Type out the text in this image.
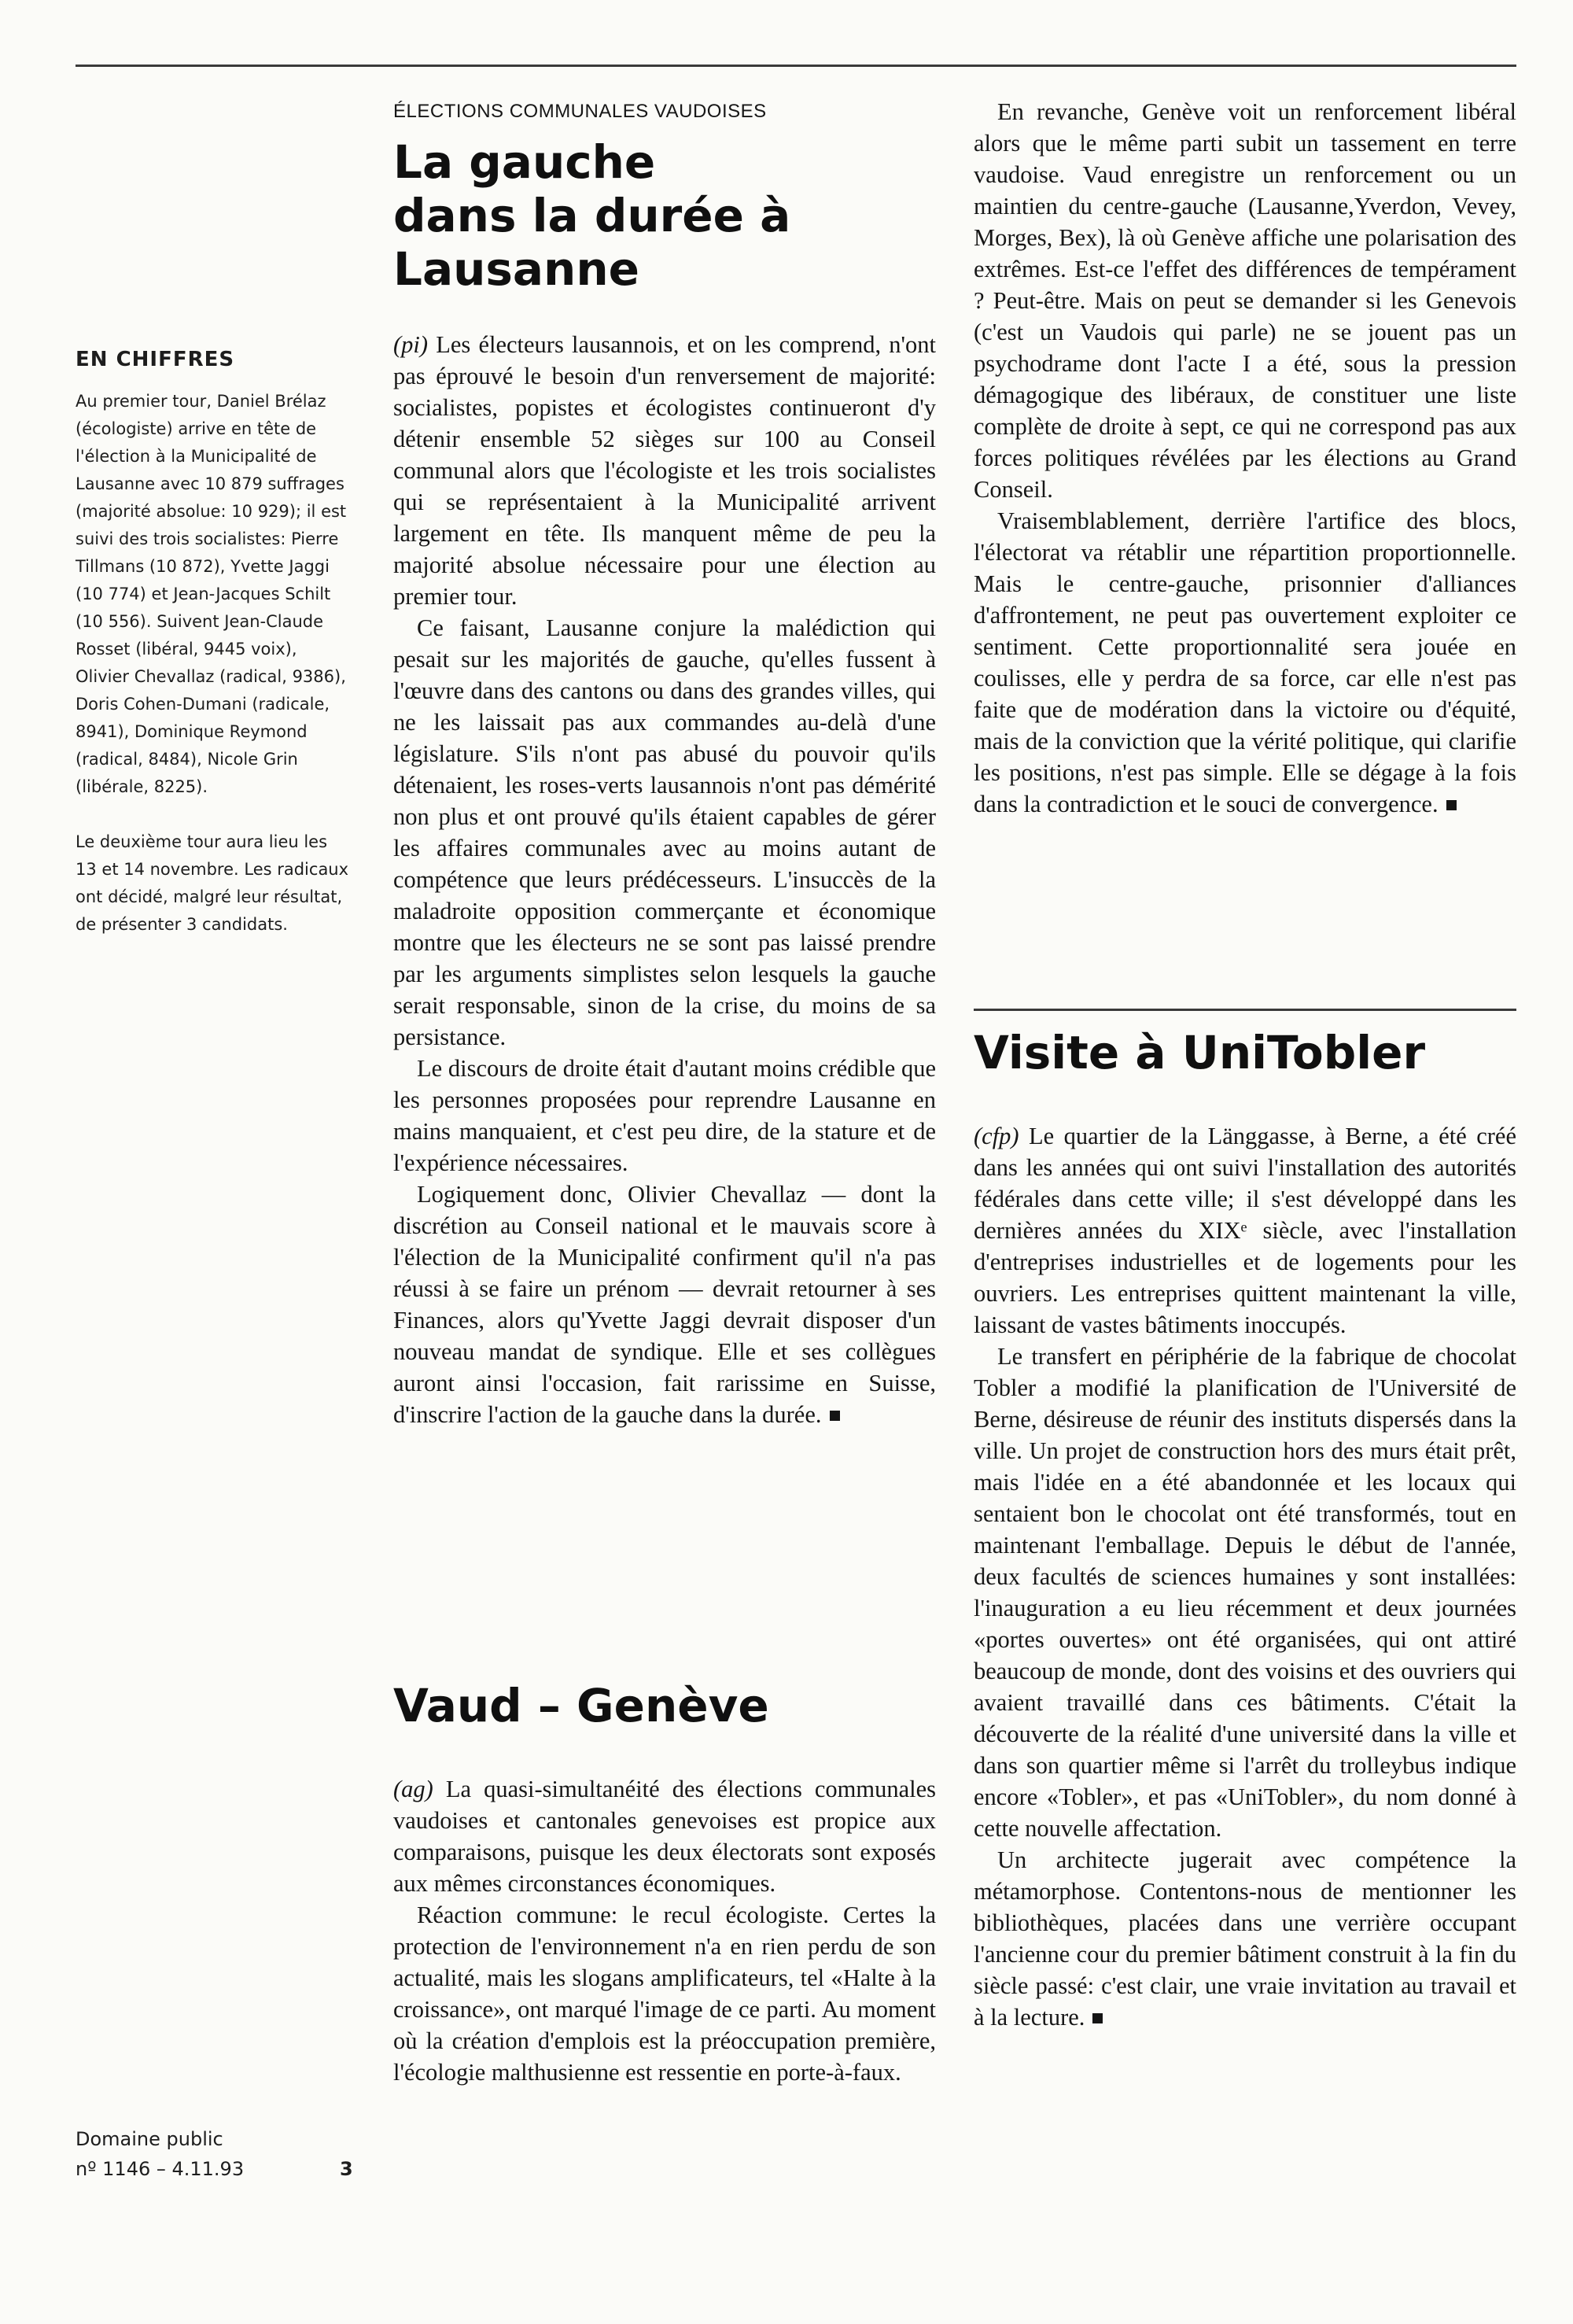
EN CHIFFRES

Au premier tour, Daniel Brélaz (écologiste) arrive en tête de l'élection à la Municipalité de Lausanne avec 10 879 suffrages (majorité absolue: 10 929); il est suivi des trois socialistes: Pierre Tillmans (10 872), Yvette Jaggi (10 774) et Jean-Jacques Schilt (10 556). Suivent Jean-Claude Rosset (libéral, 9445 voix), Olivier Chevallaz (radical, 9386), Doris Cohen-Dumani (radicale, 8941), Dominique Reymond (radical, 8484), Nicole Grin (libérale, 8225).

Le deuxième tour aura lieu les 13 et 14 novembre. Les radicaux ont décidé, malgré leur résultat, de présenter 3 candidats.

Domaine public
nº 1146 – 4.11.93	3
ÉLECTIONS COMMUNALES VAUDOISES
La gauche
dans la durée à
Lausanne

(pi) Les électeurs lausannois, et on les comprend, n'ont pas éprouvé le besoin d'un renversement de majorité: socialistes, popistes et écologistes continueront d'y détenir ensemble 52 sièges sur 100 au Conseil communal alors que l'écologiste et les trois socialistes qui se représentaient à la Municipalité arrivent largement en tête. Ils manquent même de peu la majorité absolue nécessaire pour une élection au premier tour.

Ce faisant, Lausanne conjure la malédiction qui pesait sur les majorités de gauche, qu'elles fussent à l'œuvre dans des cantons ou dans des grandes villes, qui ne les laissait pas aux commandes au-delà d'une législature. S'ils n'ont pas abusé du pouvoir qu'ils détenaient, les roses-verts lausannois n'ont pas démérité non plus et ont prouvé qu'ils étaient capables de gérer les affaires communales avec au moins autant de compétence que leurs prédécesseurs. L'insuccès de la maladroite opposition commerçante et économique montre que les électeurs ne se sont pas laissé prendre par les arguments simplistes selon lesquels la gauche serait responsable, sinon de la crise, du moins de sa persistance.

Le discours de droite était d'autant moins crédible que les personnes proposées pour reprendre Lausanne en mains manquaient, et c'est peu dire, de la stature et de l'expérience nécessaires.

Logiquement donc, Olivier Chevallaz — dont la discrétion au Conseil national et le mauvais score à l'élection de la Municipalité confirment qu'il n'a pas réussi à se faire un prénom — devrait retourner à ses Finances, alors qu'Yvette Jaggi devrait disposer d'un nouveau mandat de syndique. Elle et ses collègues auront ainsi l'occasion, fait rarissime en Suisse, d'inscrire l'action de la gauche dans la durée.

Vaud – Genève

(ag) La quasi-simultanéité des élections communales vaudoises et cantonales genevoises est propice aux comparaisons, puisque les deux électorats sont exposés aux mêmes circonstances économiques.

Réaction commune: le recul écologiste. Certes la protection de l'environnement n'a en rien perdu de son actualité, mais les slogans amplificateurs, tel «Halte à la croissance», ont marqué l'image de ce parti. Au moment où la création d'emplois est la préoccupation première, l'écologie malthusienne est ressentie en porte-à-faux.

En revanche, Genève voit un renforcement libéral alors que le même parti subit un tassement en terre vaudoise. Vaud enregistre un renforcement ou un maintien du centre-gauche (Lausanne,Yverdon, Vevey, Morges, Bex), là où Genève affiche une polarisation des extrêmes. Est-ce l'effet des différences de tempérament ? Peut-être. Mais on peut se demander si les Genevois (c'est un Vaudois qui parle) ne se jouent pas un psychodrame dont l'acte I a été, sous la pression démagogique des libéraux, de constituer une liste complète de droite à sept, ce qui ne correspond pas aux forces politiques révélées par les élections au Grand Conseil.

Vraisemblablement, derrière l'artifice des blocs, l'électorat va rétablir une répartition proportionnelle. Mais le centre-gauche, prisonnier d'alliances d'affrontement, ne peut pas ouvertement exploiter ce sentiment. Cette proportionnalité sera jouée en coulisses, elle y perdra de sa force, car elle n'est pas faite que de modération dans la victoire ou d'équité, mais de la conviction que la vérité politique, qui clarifie les positions, n'est pas simple. Elle se dégage à la fois dans la contradiction et le souci de convergence.

Visite à UniTobler

(cfp) Le quartier de la Länggasse, à Berne, a été créé dans les années qui ont suivi l'installation des autorités fédérales dans cette ville; il s'est développé dans les dernières années du XIXᵉ siècle, avec l'installation d'entreprises industrielles et de logements pour les ouvriers. Les entreprises quittent maintenant la ville, laissant de vastes bâtiments inoccupés.

Le transfert en périphérie de la fabrique de chocolat Tobler a modifié la planification de l'Université de Berne, désireuse de réunir des instituts dispersés dans la ville. Un projet de construction hors des murs était prêt, mais l'idée en a été abandonnée et les locaux qui sentaient bon le chocolat ont été transformés, tout en maintenant l'emballage. Depuis le début de l'année, deux facultés de sciences humaines y sont installées: l'inauguration a eu lieu récemment et deux journées «portes ouvertes» ont été organisées, qui ont attiré beaucoup de monde, dont des voisins et des ouvriers qui avaient travaillé dans ces bâtiments. C'était la découverte de la réalité d'une université dans la ville et dans son quartier même si l'arrêt du trolleybus indique encore «Tobler», et pas «UniTobler», du nom donné à cette nouvelle affectation.

Un architecte jugerait avec compétence la métamorphose. Contentons-nous de mentionner les bibliothèques, placées dans une verrière occupant l'ancienne cour du premier bâtiment construit à la fin du siècle passé: c'est clair, une vraie invitation au travail et à la lecture.
